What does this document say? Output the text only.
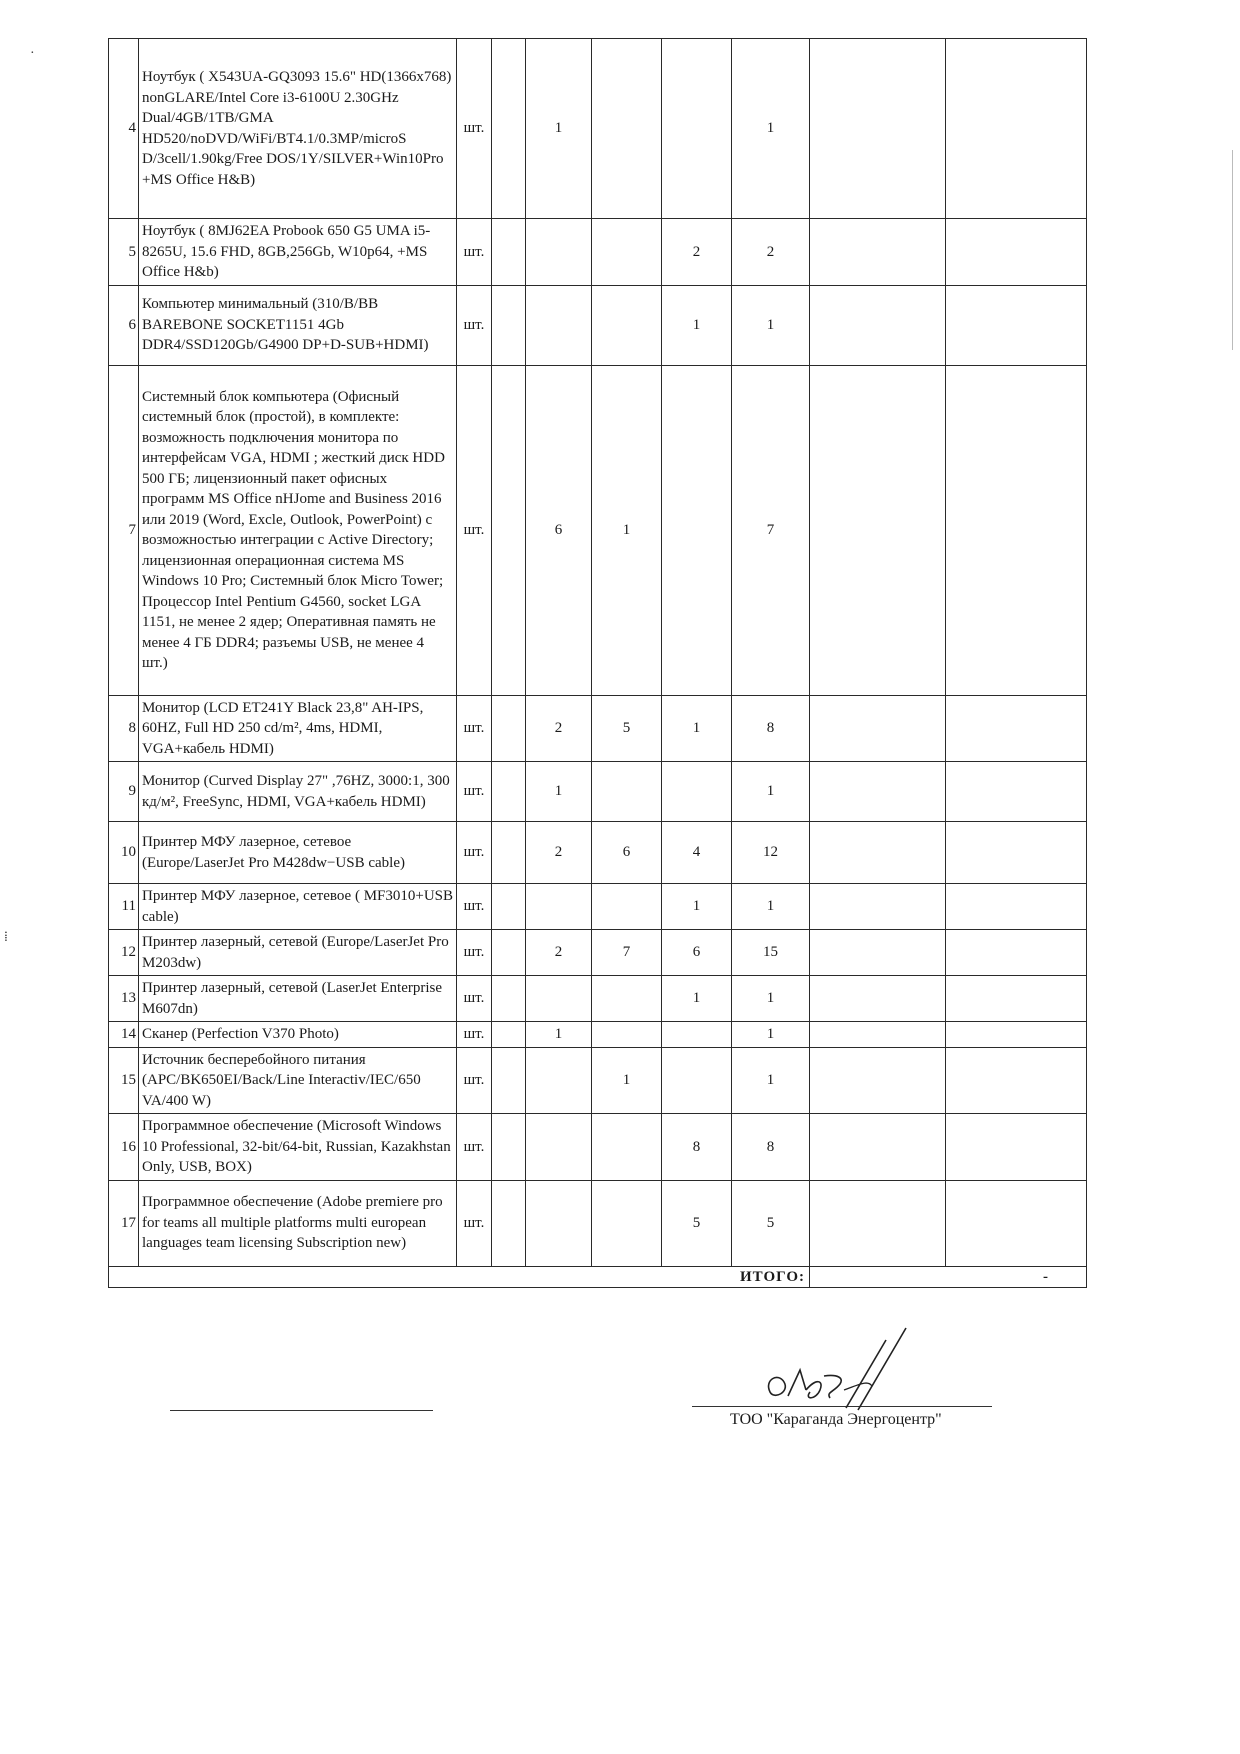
4	Ноутбук ( X543UA-GQ3093 15.6" HD(1366x768) nonGLARE/Intel Core i3-6100U 2.30GHz Dual/4GB/1TB/GMA HD520/noDVD/WiFi/BT4.1/0.3MP/microS D/3cell/1.90kg/Free DOS/1Y/SILVER+Win10Pro +MS Office H&B)	шт.		1			1		
5	Ноутбук ( 8MJ62EA Probook 650 G5 UMA i5-8265U, 15.6 FHD, 8GB,256Gb, W10p64, +MS Office H&b)	шт.				2	2		
6	Компьютер минимальный (310/B/BB BAREBONE SOCKET1151 4Gb DDR4/SSD120Gb/G4900 DP+D-SUB+HDMI)	шт.				1	1		
7	Системный блок компьютера (Офисный системный блок (простой), в комплекте: возможность подключения монитора по интерфейсам VGA, HDMI ; жесткий диск HDD 500 ГБ; лицензионный пакет офисных программ MS Office nHJome and Business 2016 или 2019 (Word, Excle, Outlook, PowerPoint) с возможностью интеграции с Active Directory; лицензионная операционная система MS Windows 10 Pro; Системный блок Micro Tower; Процессор Intel Pentium G4560, socket LGA 1151, не менее 2 ядер; Оперативная память не менее 4 ГБ DDR4; разъемы USB, не менее 4 шт.)	шт.		6	1		7		
8	Монитор (LCD ET241Y Black 23,8" AH-IPS, 60HZ, Full HD 250 cd/m², 4ms, HDMI, VGA+кабель HDMI)	шт.		2	5	1	8		
9	Монитор (Curved Display 27" ,76HZ, 3000:1, 300 кд/м², FreeSync, HDMI, VGA+кабель HDMI)	шт.		1			1		
10	Принтер МФУ лазерное, сетевое (Europe/LaserJet Pro M428dw−USB cable)	шт.		2	6	4	12		
11	Принтер МФУ лазерное, сетевое ( MF3010+USB cable)	шт.				1	1		
12	Принтер лазерный, сетевой (Europe/LaserJet Pro M203dw)	шт.		2	7	6	15		
13	Принтер лазерный, сетевой (LaserJet Enterprise M607dn)	шт.				1	1		
14	Сканер (Perfection V370 Photo)	шт.		1			1		
15	Источник бесперебойного питания (APC/BK650EI/Back/Line Interactiv/IEC/650 VA/400 W)	шт.			1		1		
16	Программное обеспечение (Microsoft Windows 10 Professional, 32-bit/64-bit, Russian, Kazakhstan Only, USB, BOX)	шт.				8	8		
17	Программное обеспечение (Adobe premiere pro for teams all multiple platforms multi european languages team licensing Subscription new)	шт.				5	5		
ИТОГО:								-	
ТОО "Караганда Энергоцентр"
·
⁞
